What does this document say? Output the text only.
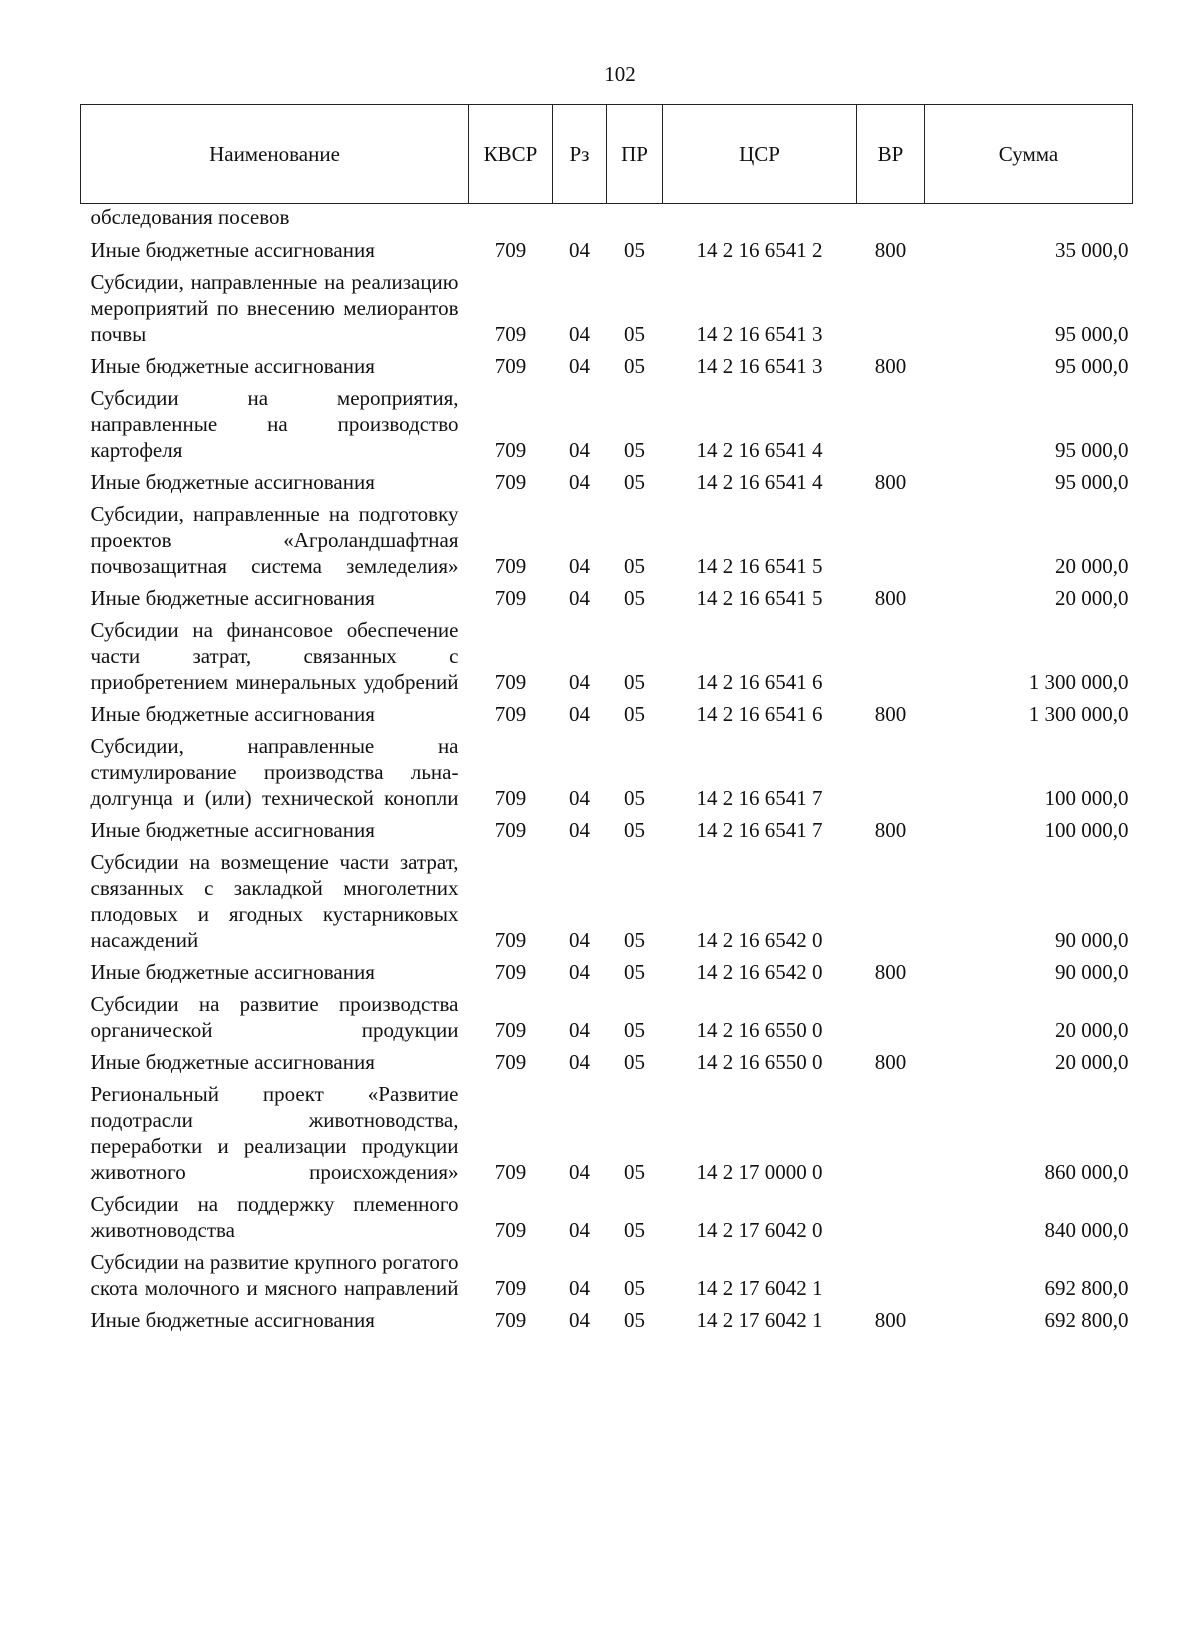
102
Наименование	КВСР	Рз	ПР	ЦСР	ВР	Сумма
обследования посевов						
Иные бюджетные ассигнования	709	04	05	14 2 16 6541 2	800	35 000,0
Субсидии, направленные на реализацию мероприятий по внесению мелиорантов почвы	709	04	05	14 2 16 6541 3		95 000,0
Иные бюджетные ассигнования	709	04	05	14 2 16 6541 3	800	95 000,0
Субсидии на мероприятия, направленные на производство картофеля	709	04	05	14 2 16 6541 4		95 000,0
Иные бюджетные ассигнования	709	04	05	14 2 16 6541 4	800	95 000,0
Субсидии, направленные на подготовку проектов «Агроландшафтная почвозащитная система земледелия»	709	04	05	14 2 16 6541 5		20 000,0
Иные бюджетные ассигнования	709	04	05	14 2 16 6541 5	800	20 000,0
Субсидии на финансовое обеспечение части затрат, связанных с приобретением минеральных удобрений	709	04	05	14 2 16 6541 6		1 300 000,0
Иные бюджетные ассигнования	709	04	05	14 2 16 6541 6	800	1 300 000,0
Субсидии, направленные на стимулирование производства льна-долгунца и (или) технической конопли	709	04	05	14 2 16 6541 7		100 000,0
Иные бюджетные ассигнования	709	04	05	14 2 16 6541 7	800	100 000,0
Субсидии на возмещение части затрат, связанных с закладкой многолетних плодовых и ягодных кустарниковых насаждений	709	04	05	14 2 16 6542 0		90 000,0
Иные бюджетные ассигнования	709	04	05	14 2 16 6542 0	800	90 000,0
Субсидии на развитие производства органической продукции	709	04	05	14 2 16 6550 0		20 000,0
Иные бюджетные ассигнования	709	04	05	14 2 16 6550 0	800	20 000,0
Региональный проект «Развитие подотрасли животноводства, переработки и реализации продукции животного происхождения»	709	04	05	14 2 17 0000 0		860 000,0
Субсидии на поддержку племенного животноводства	709	04	05	14 2 17 6042 0		840 000,0
Субсидии на развитие крупного рогатого скота молочного и мясного направлений	709	04	05	14 2 17 6042 1		692 800,0
Иные бюджетные ассигнования	709	04	05	14 2 17 6042 1	800	692 800,0
